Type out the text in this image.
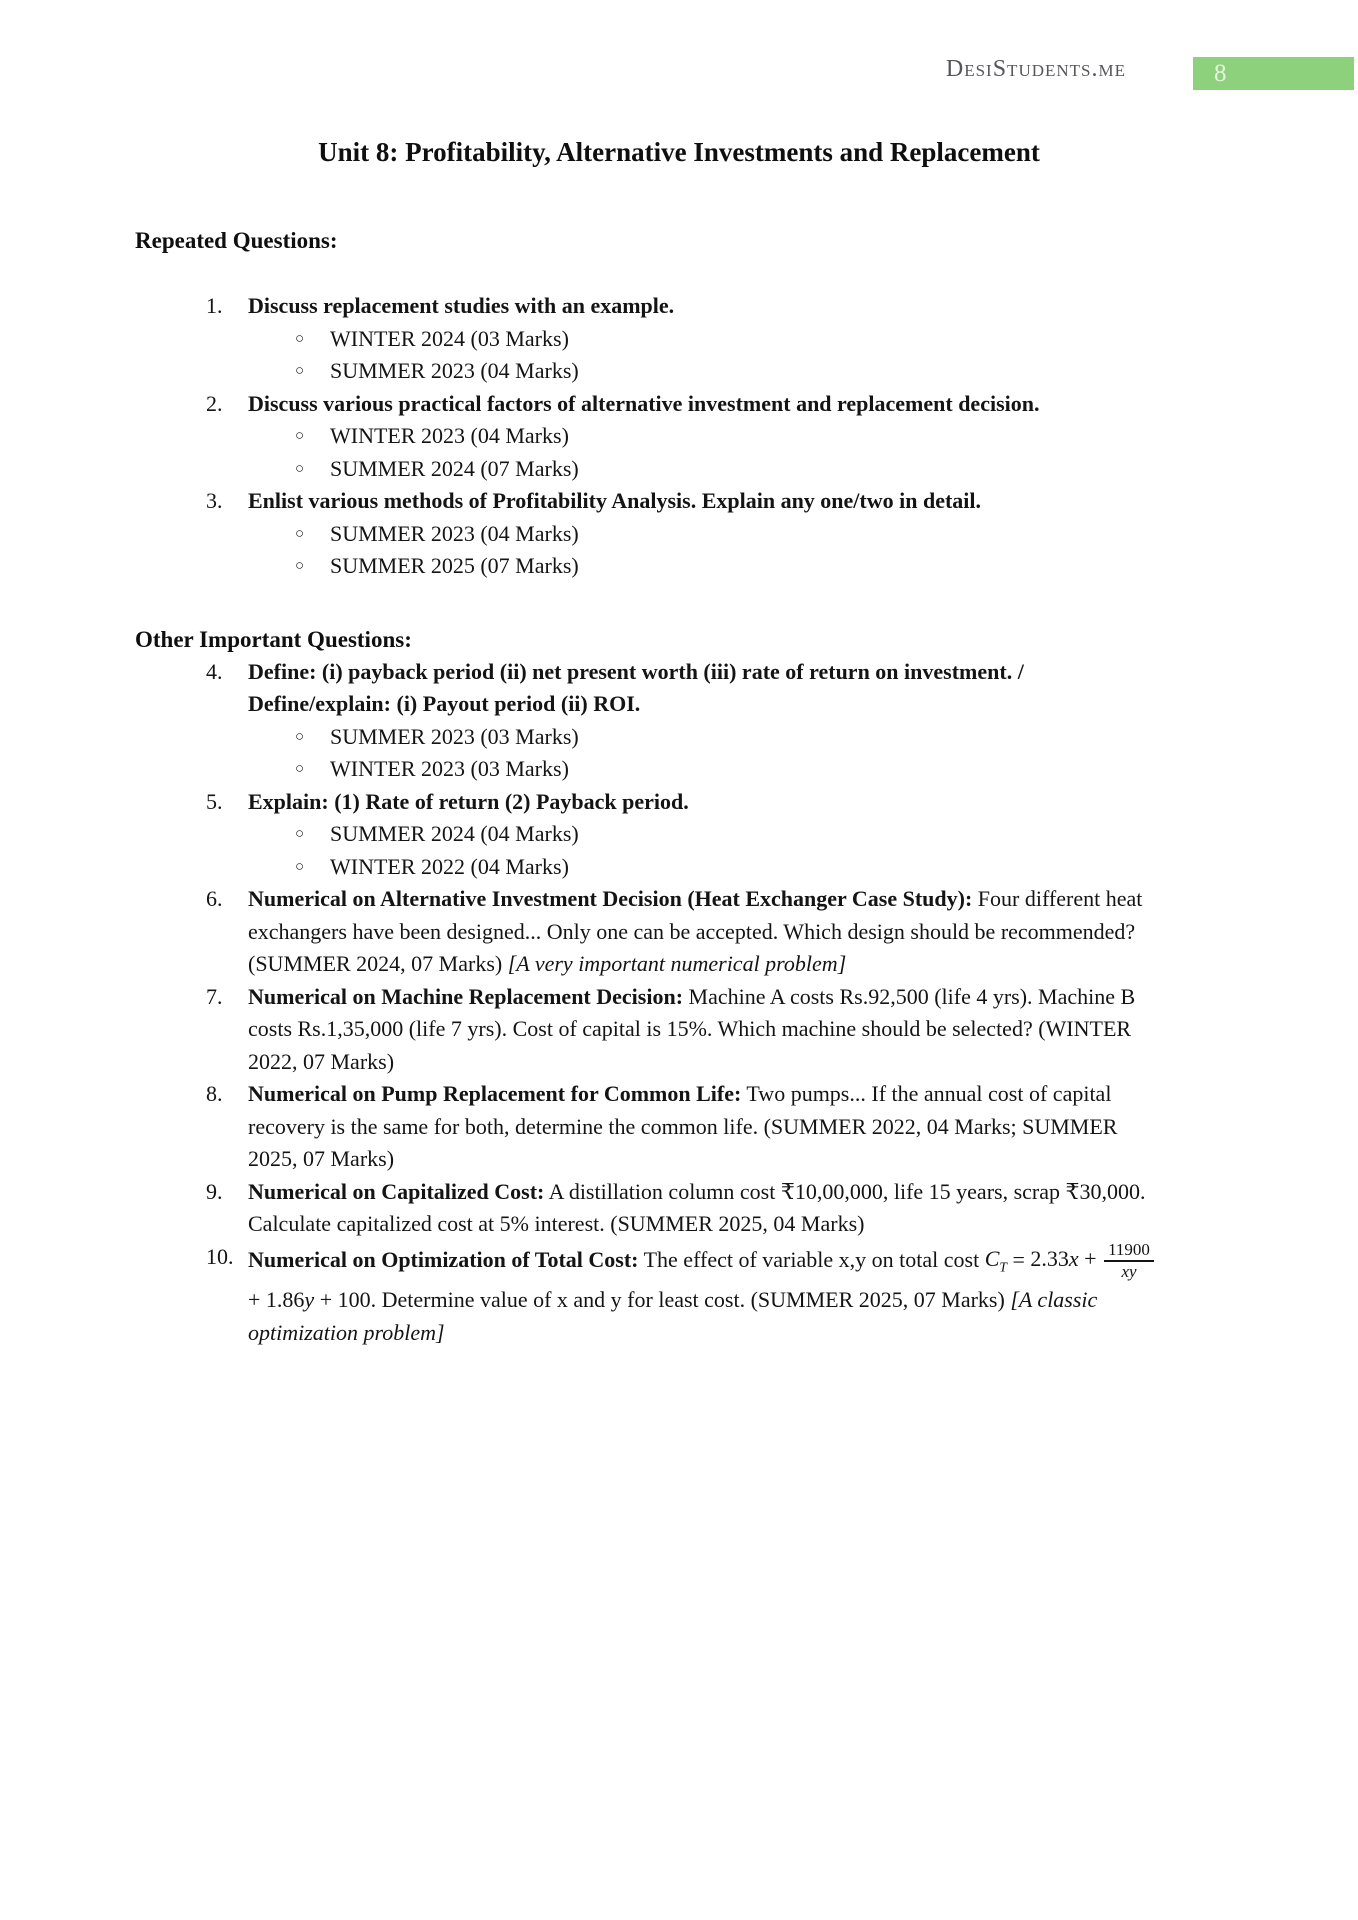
DesiStudents.me	8
Unit 8: Profitability, Alternative Investments and Replacement
Repeated Questions:
1.	Discuss replacement studies with an example.
○ WINTER 2024 (03 Marks)
○ SUMMER 2023 (04 Marks)
2.	Discuss various practical factors of alternative investment and replacement decision.
○ WINTER 2023 (04 Marks)
○ SUMMER 2024 (07 Marks)
3.	Enlist various methods of Profitability Analysis. Explain any one/two in detail.
○ SUMMER 2023 (04 Marks)
○ SUMMER 2025 (07 Marks)
Other Important Questions:
4.	Define: (i) payback period (ii) net present worth (iii) rate of return on investment. / Define/explain: (i) Payout period (ii) ROI.
○ SUMMER 2023 (03 Marks)
○ WINTER 2023 (03 Marks)
5.	Explain: (1) Rate of return (2) Payback period.
○ SUMMER 2024 (04 Marks)
○ WINTER 2022 (04 Marks)
6.	Numerical on Alternative Investment Decision (Heat Exchanger Case Study): Four different heat exchangers have been designed... Only one can be accepted. Which design should be recommended? (SUMMER 2024, 07 Marks) [A very important numerical problem]
7.	Numerical on Machine Replacement Decision: Machine A costs Rs.92,500 (life 4 yrs). Machine B costs Rs.1,35,000 (life 7 yrs). Cost of capital is 15%. Which machine should be selected? (WINTER 2022, 07 Marks)
8.	Numerical on Pump Replacement for Common Life: Two pumps... If the annual cost of capital recovery is the same for both, determine the common life. (SUMMER 2022, 04 Marks; SUMMER 2025, 07 Marks)
9.	Numerical on Capitalized Cost: A distillation column cost ₹10,00,000, life 15 years, scrap ₹30,000. Calculate capitalized cost at 5% interest. (SUMMER 2025, 04 Marks)
10. Numerical on Optimization of Total Cost: The effect of variable x,y on total cost $C_T = 2.33x + \frac{11900}{xy}$
+ 1.86y + 100. Determine value of x and y for least cost. (SUMMER 2025, 07 Marks) [A classic optimization problem]
